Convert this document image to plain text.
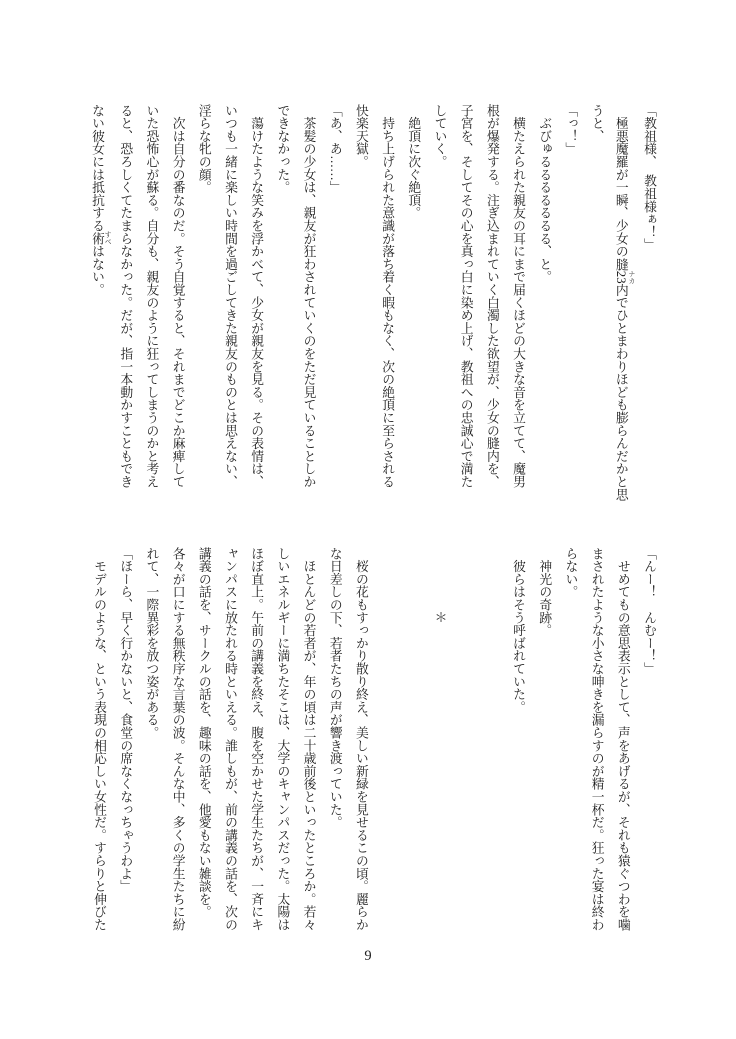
「教祖様、　教祖様ぁ！」
　極悪魔羅が一瞬、少女の膖23内 ナカでひとまわりほども膨らんだかと思
うと、
「っ！」
　ぶびゅるるるるるるる、と。
　横たえられた親友の耳にまで届くほどの大きな音を立てて、魔男
根が爆発する。注ぎ込まれていく白濁した欲望が、少女の膖内を、
子宮を、そしてその心を真っ白に染め上げ、教祖への忠誠心で満た
していく。
　絶頂に次ぐ絶頂。
　持ち上げられた意識が落ち着く暇もなく、次の絶頂に至らされる
快楽天獄。
「あ、あ……」
　茶髪の少女は、親友が狂わされていくのをただ見ていることしか
できなかった。
　蕩けたような笑みを浮かべて、少女が親友を見る。その表情は、
いつも一緒に楽しい時間を過ごしてきた親友のものとは思えない、
淫らな牝の顔。
　次は自分の番なのだ。そう自覚すると、それまでどこか麻痺して
いた恐怖心が蘇る。自分も、親友のように狂ってしまうのかと考え
ると、恐ろしくてたまらなかった。だが、指一本動かすこともでき
ない彼女には抵抗する術 すべはない。
「んー！　んむー！」
　せめてもの意思表示として、声をあげるが、それも猿ぐつわを噛
まされたような小さな呻きを漏らすのが精一杯だ。狂った宴は終わ
らない。
　神光の奇跡。
　彼らはそう呼ばれていた。
　　　　　＊
　桜の花もすっかり散り終え、美しい新緑を見せるこの頃。麗らか
な日差しの下、若者たちの声が響き渡っていた。
　ほとんどの若者が、年の頃は二十歳前後といったところか。若々
しいエネルギーに満ちたそこは、大学のキャンパスだった。太陽は
ほぼ直上。午前の講義を終え、腹を空かせた学生たちが、一斉にキ
ャンパスに放たれる時といえる。誰しもが、前の講義の話を、次の
講義の話を、サークルの話を、趣味の話を、他愛もない雑談を。
各々が口にする無秩序な言葉の波。そんな中、多くの学生たちに紛
れて、一際異彩を放つ姿がある。
「ほーら、早く行かないと、食堂の席なくなっちゃうわよ」
　モデルのような、という表現の相応しい女性だ。すらりと伸びた
9
